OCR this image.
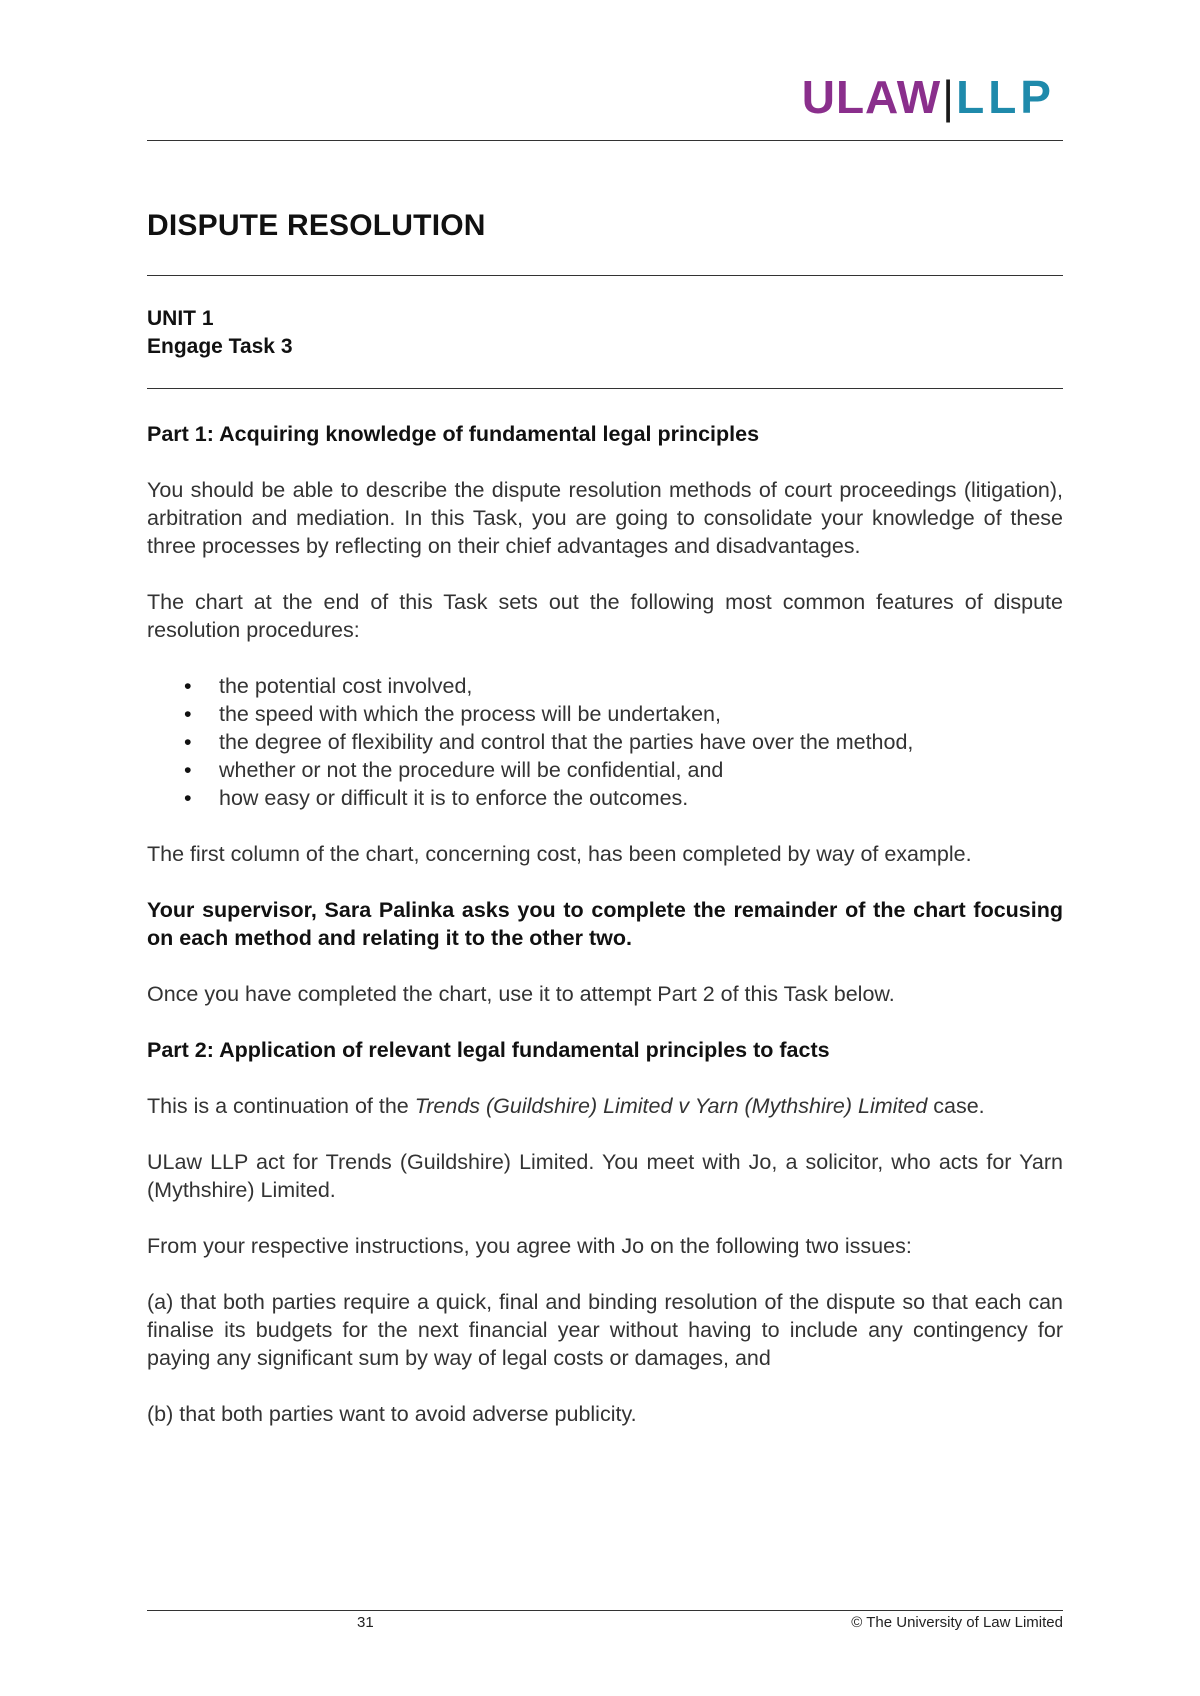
ULAW|LLP
DISPUTE RESOLUTION
UNIT 1
Engage Task 3
Part 1: Acquiring knowledge of fundamental legal principles

You should be able to describe the dispute resolution methods of court proceedings (litigation), arbitration and mediation. In this Task, you are going to consolidate your knowledge of these three processes by reflecting on their chief advantages and disadvantages.

The chart at the end of this Task sets out the following most common features of dispute resolution procedures:

• the potential cost involved,
• the speed with which the process will be undertaken,
• the degree of flexibility and control that the parties have over the method,
• whether or not the procedure will be confidential, and
• how easy or difficult it is to enforce the outcomes.

The first column of the chart, concerning cost, has been completed by way of example.

Your supervisor, Sara Palinka asks you to complete the remainder of the chart focusing on each method and relating it to the other two.

Once you have completed the chart, use it to attempt Part 2 of this Task below.

Part 2: Application of relevant legal fundamental principles to facts

This is a continuation of the Trends (Guildshire) Limited v Yarn (Mythshire) Limited case.

ULaw LLP act for Trends (Guildshire) Limited. You meet with Jo, a solicitor, who acts for Yarn (Mythshire) Limited.

From your respective instructions, you agree with Jo on the following two issues:

(a) that both parties require a quick, final and binding resolution of the dispute so that each can finalise its budgets for the next financial year without having to include any contingency for paying any significant sum by way of legal costs or damages, and

(b) that both parties want to avoid adverse publicity.

31	© The University of Law Limited
